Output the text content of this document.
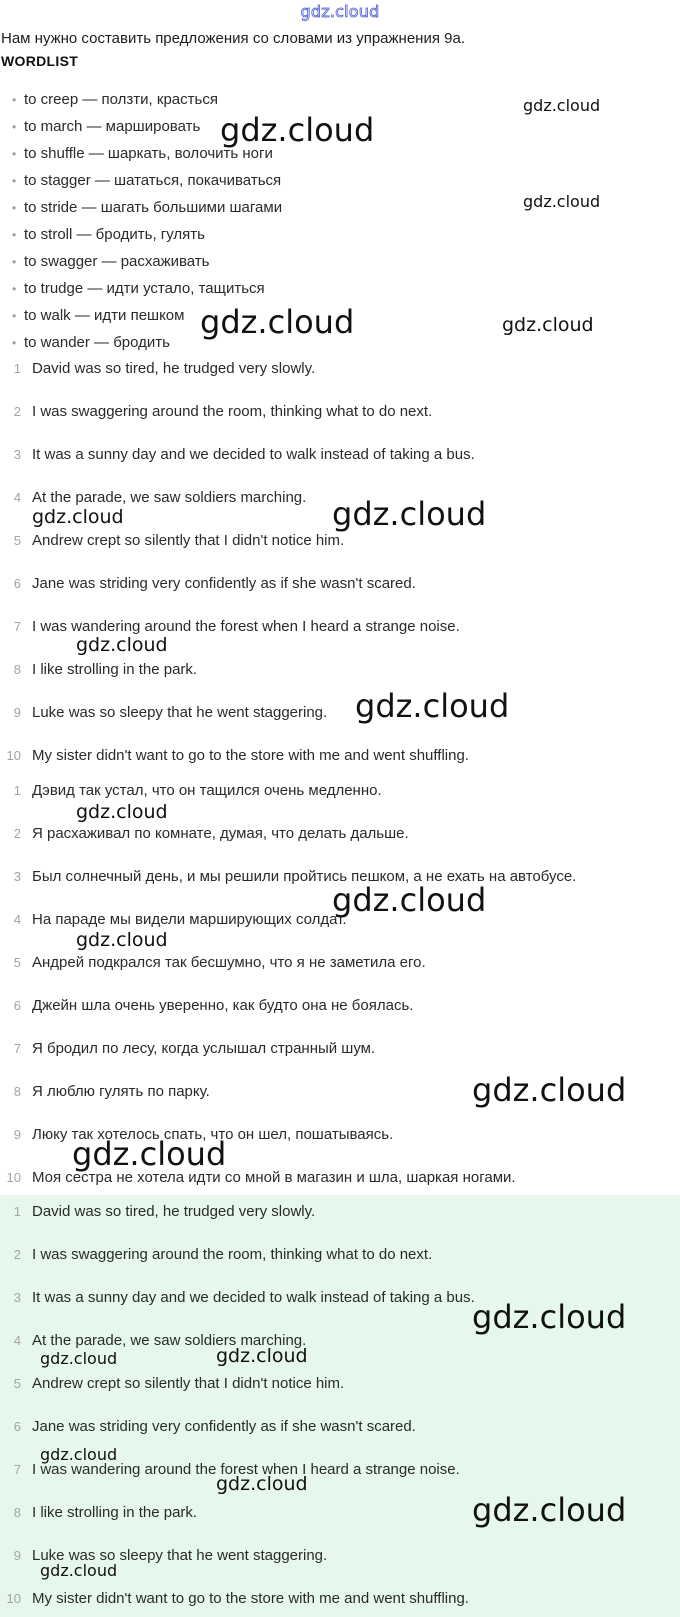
gdz.cloud
Нам нужно составить предложения со словами из упражнения 9a.
WORDLIST
• to creep — ползти, красться
• to march — маршировать
• to shuffle — шаркать, волочить ноги
• to stagger — шататься, покачиваться
• to stride — шагать большими шагами
• to stroll — бродить, гулять
• to swagger — расхаживать
• to trudge — идти устало, тащиться
• to walk — идти пешком
• to wander — бродить
1 David was so tired, he trudged very slowly.
2 I was swaggering around the room, thinking what to do next.
3 It was a sunny day and we decided to walk instead of taking a bus.
4 At the parade, we saw soldiers marching.
5 Andrew crept so silently that I didn't notice him.
6 Jane was striding very confidently as if she wasn't scared.
7 I was wandering around the forest when I heard a strange noise.
8 I like strolling in the park.
9 Luke was so sleepy that he went staggering.
10 My sister didn't want to go to the store with me and went shuffling.
1 Дэвид так устал, что он тащился очень медленно.
2 Я расхаживал по комнате, думая, что делать дальше.
3 Был солнечный день, и мы решили пройтись пешком, а не ехать на автобусе.
4 На параде мы видели марширующих солдат.
5 Андрей подкрался так бесшумно, что я не заметила его.
6 Джейн шла очень уверенно, как будто она не боялась.
7 Я бродил по лесу, когда услышал странный шум.
8 Я люблю гулять по парку.
9 Люку так хотелось спать, что он шел, пошатываясь.
10 Моя сестра не хотела идти со мной в магазин и шла, шаркая ногами.
1 David was so tired, he trudged very slowly.
2 I was swaggering around the room, thinking what to do next.
3 It was a sunny day and we decided to walk instead of taking a bus.
4 At the parade, we saw soldiers marching.
5 Andrew crept so silently that I didn't notice him.
6 Jane was striding very confidently as if she wasn't scared.
7 I was wandering around the forest when I heard a strange noise.
8 I like strolling in the park.
9 Luke was so sleepy that he went staggering.
10 My sister didn't want to go to the store with me and went shuffling.
gdz.cloud
gdz.cloud
gdz.cloud
gdz.cloud	gdz.cloud
gdz.cloud	gdz.cloud
gdz.cloud
gdz.cloud
gdz.cloud
gdz.cloud
gdz.cloud
gdz.cloud
gdz.cloud
gdz.cloud
gdz.cloud	gdz.cloud
gdz.cloud
gdz.cloud
gdz.cloud
gdz.cloud
